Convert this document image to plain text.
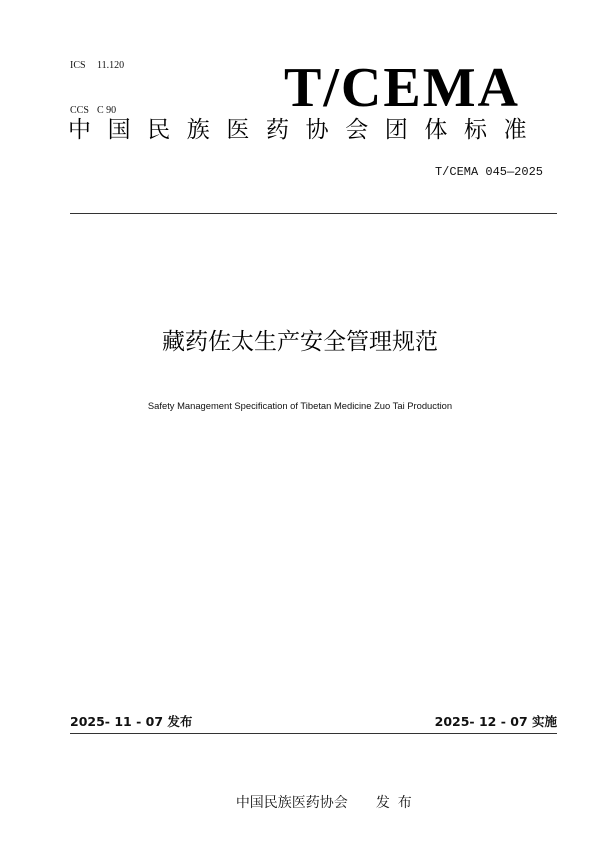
ICS	11.120

CCS C 90

	T/CEMA
中国民族医药协会团体标准
T/CEMA 045—2025
藏药佐太生产安全管理规范
Safety Management Specification of Tibetan Medicine Zuo Tai Production
2025- 11 - 07 发布	2025- 12 - 07 实施

中国民族医药协会 发布
